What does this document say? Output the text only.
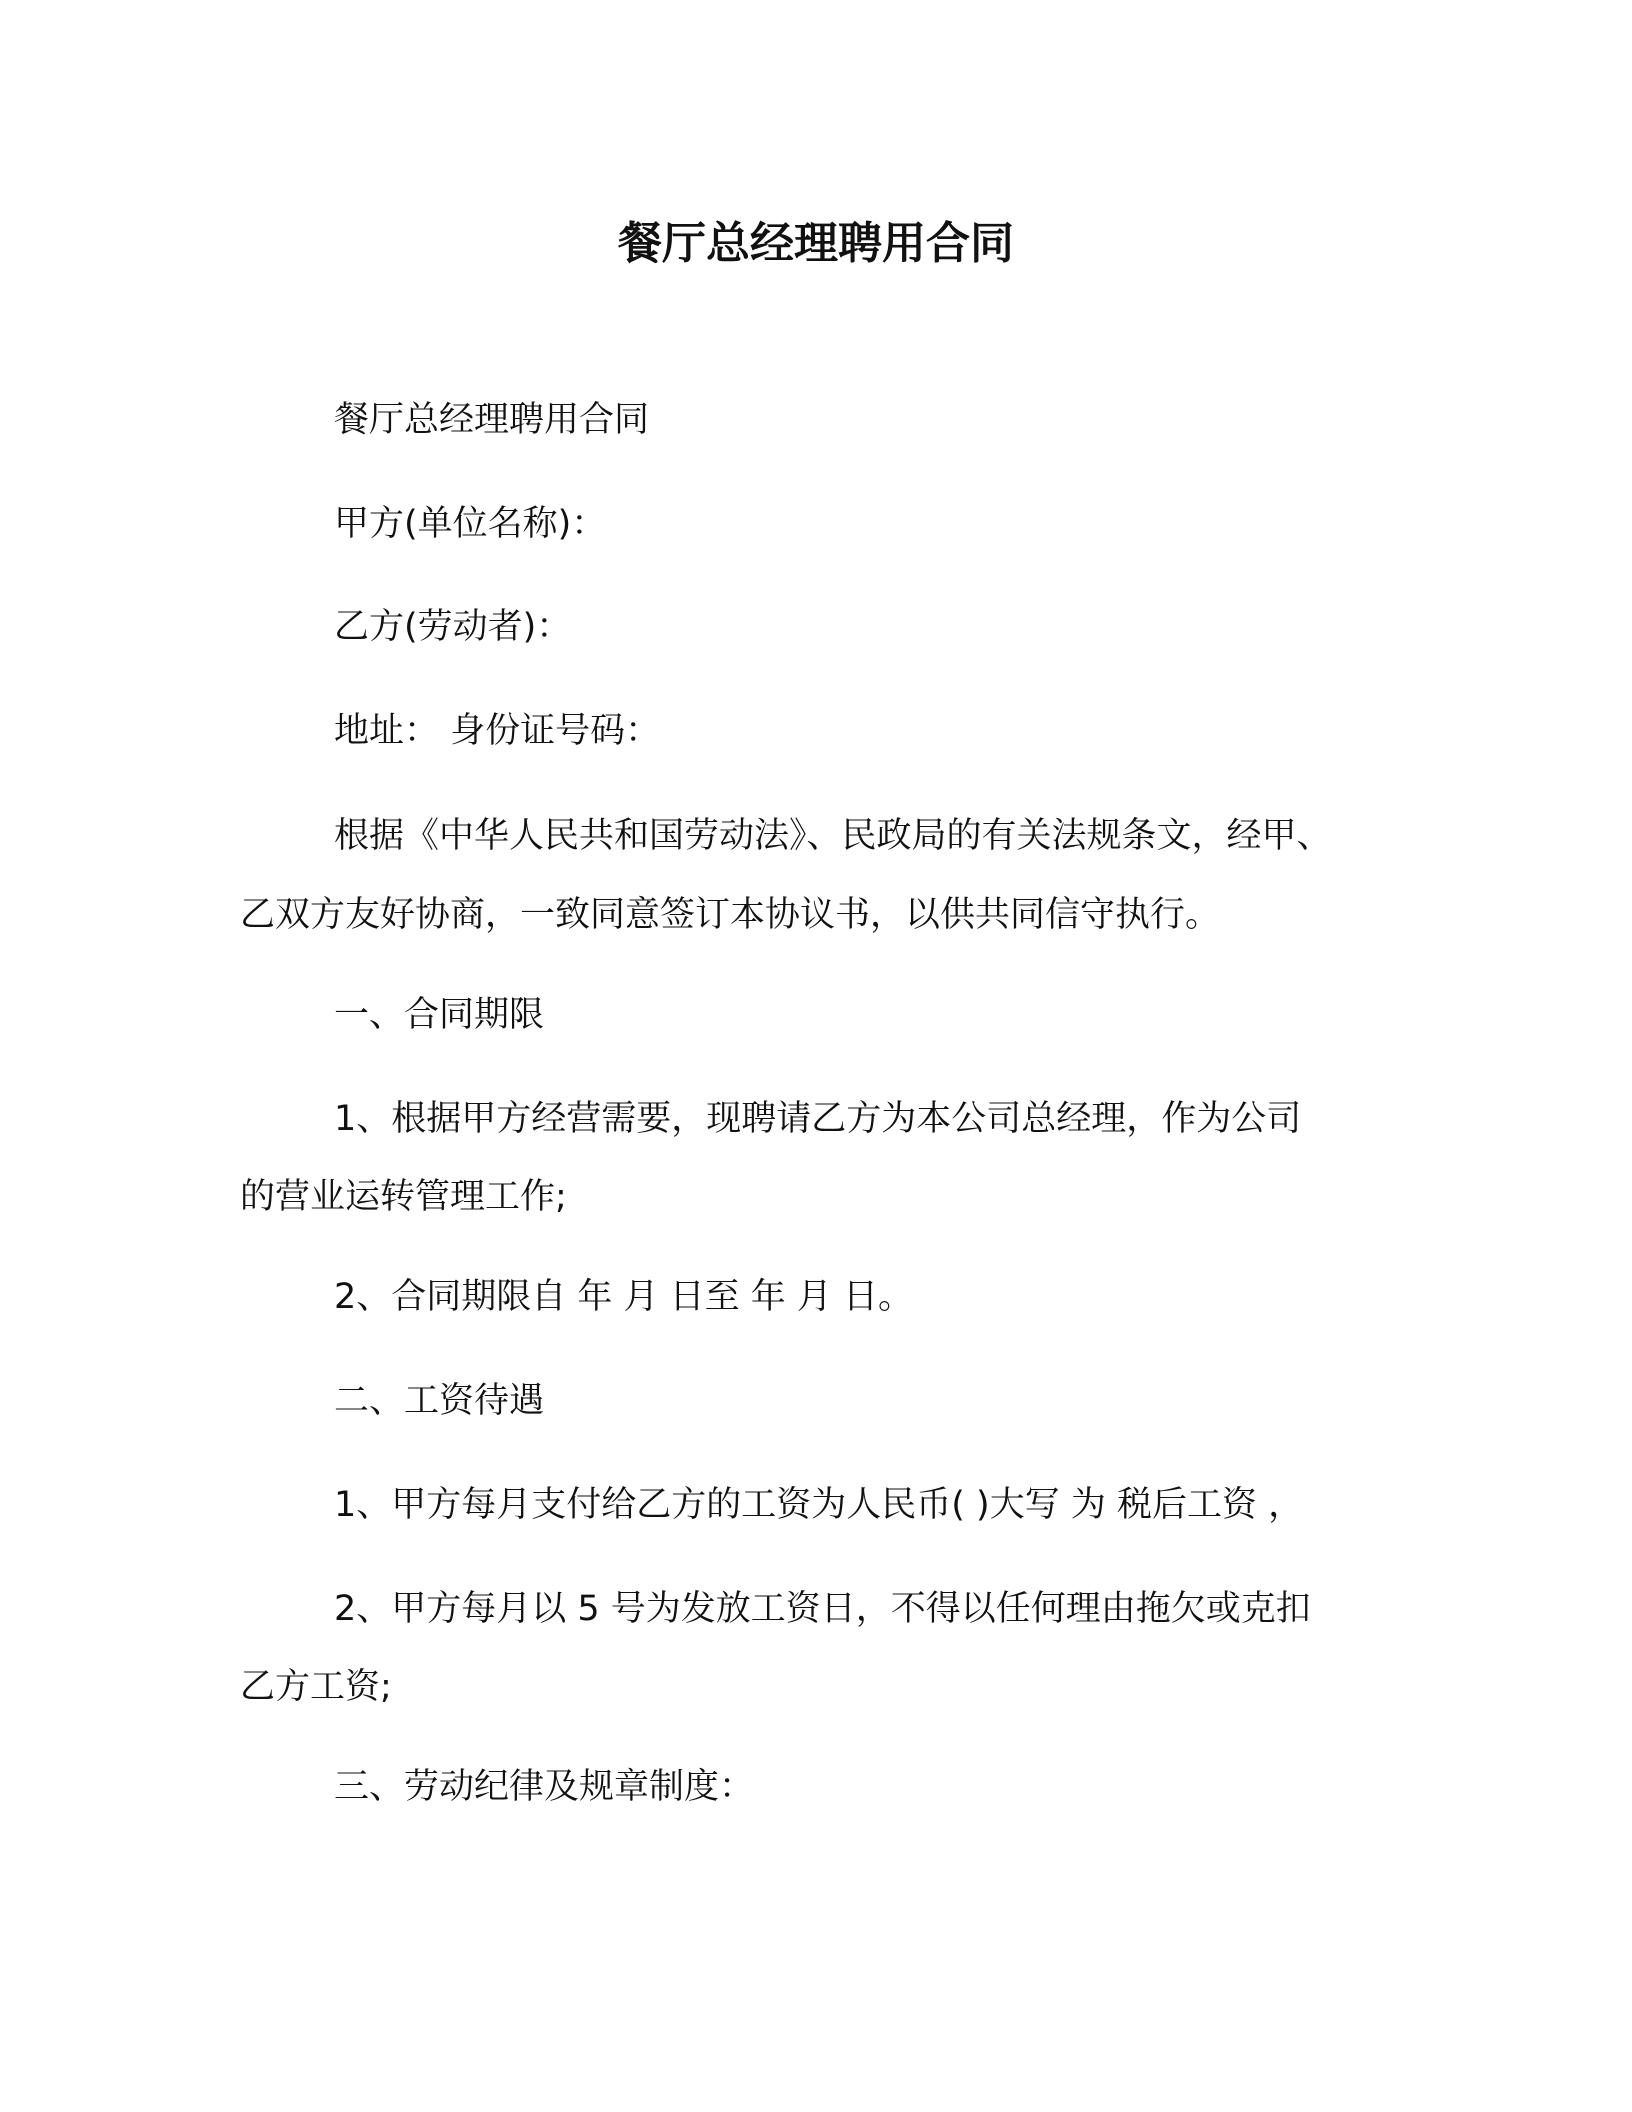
餐厅总经理聘用合同
餐厅总经理聘用合同
甲方(单位名称)：
乙方(劳动者)：
地址： 身份证号码：
根据《中华人民共和国劳动法》、民政局的有关法规条文，经甲、
乙双方友好协商，一致同意签订本协议书，以供共同信守执行。
一、合同期限
1、根据甲方经营需要，现聘请乙方为本公司总经理，作为公司
的营业运转管理工作;
2、合同期限自 年 月 日至 年 月 日。
二、工资待遇
1、甲方每月支付给乙方的工资为人民币( )大写 为 税后工资 ，
2、甲方每月以 5 号为发放工资日，不得以任何理由拖欠或克扣
乙方工资;
三、劳动纪律及规章制度：
